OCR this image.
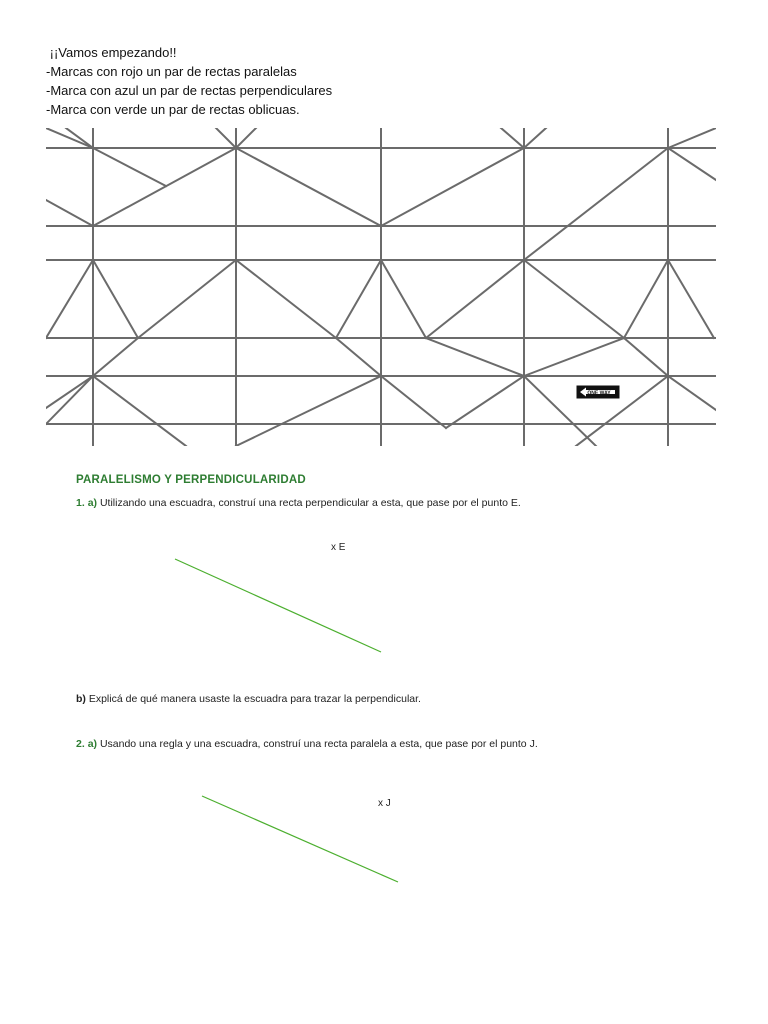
¡¡Vamos empezando!!
-Marcas con rojo un par de rectas paralelas
-Marca con azul un par de rectas perpendiculares
-Marca con verde un par de rectas oblicuas.
ONE WAY
PARALELISMO Y PERPENDICULARIDAD
1. a) Utilizando una escuadra, construí una recta perpendicular a esta, que pase por el punto E.
x E
b) Explicá de qué manera usaste la escuadra para trazar la perpendicular.
2. a) Usando una regla y una escuadra, construí una recta paralela a esta, que pase por el punto J.
x J
